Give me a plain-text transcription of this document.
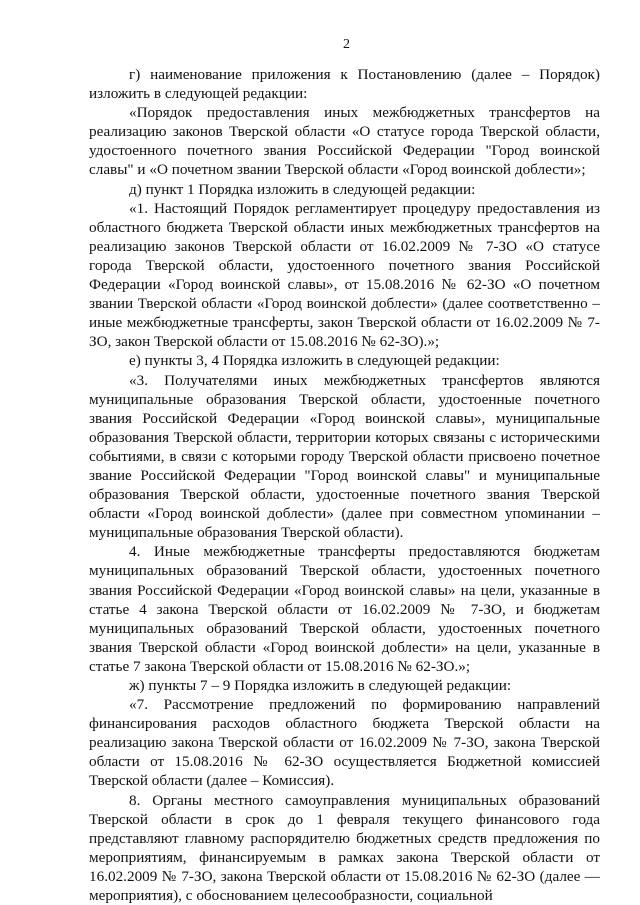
2

г) наименование приложения к Постановлению (далее – Порядок) изложить в следующей редакции:

«Порядок предоставления иных межбюджетных трансфертов на реализацию законов Тверской области «О статусе города Тверской области, удостоенного почетного звания Российской Федерации "Город воинской славы" и «О почетном звании Тверской области «Город воинской доблести»;

д) пункт 1 Порядка изложить в следующей редакции:

«1. Настоящий Порядок регламентирует процедуру предоставления из областного бюджета Тверской области иных межбюджетных трансфертов на реализацию законов Тверской области от 16.02.2009 № 7-ЗО «О статусе города Тверской области, удостоенного почетного звания Российской Федерации «Город воинской славы», от 15.08.2016 № 62-ЗО «О почетном звании Тверской области «Город воинской доблести» (далее соответственно – иные межбюджетные трансферты, закон Тверской области от 16.02.2009 № 7-ЗО, закон Тверской области от 15.08.2016 № 62-ЗО).»;

е) пункты 3, 4 Порядка изложить в следующей редакции:

«3. Получателями иных межбюджетных трансфертов являются муниципальные образования Тверской области, удостоенные почетного звания Российской Федерации «Город воинской славы», муниципальные образования Тверской области, территории которых связаны с историческими событиями, в связи с которыми городу Тверской области присвоено почетное звание Российской Федерации "Город воинской славы" и муниципальные образования Тверской области, удостоенные почетного звания Тверской области «Город воинской доблести» (далее при совместном упоминании – муниципальные образования Тверской области).

4. Иные межбюджетные трансферты предоставляются бюджетам муниципальных образований Тверской области, удостоенных почетного звания Российской Федерации «Город воинской славы» на цели, указанные в статье 4 закона Тверской области от 16.02.2009 № 7-ЗО, и бюджетам муниципальных образований Тверской области, удостоенных почетного звания Тверской области «Город воинской доблести» на цели, указанные в статье 7 закона Тверской области от 15.08.2016 № 62-ЗО.»;

ж) пункты 7 – 9 Порядка изложить в следующей редакции:

«7. Рассмотрение предложений по формированию направлений финансирования расходов областного бюджета Тверской области на реализацию закона Тверской области от 16.02.2009 № 7-ЗО, закона Тверской области от 15.08.2016 № 62-ЗО осуществляется Бюджетной комиссией Тверской области (далее – Комиссия).

8. Органы местного самоуправления муниципальных образований Тверской области в срок до 1 февраля текущего финансового года представляют главному распорядителю бюджетных средств предложения по мероприятиям, финансируемым в рамках закона Тверской области от 16.02.2009 № 7-ЗО, закона Тверской области от 15.08.2016 № 62-ЗО (далее — мероприятия), с обоснованием целесообразности, социальной
